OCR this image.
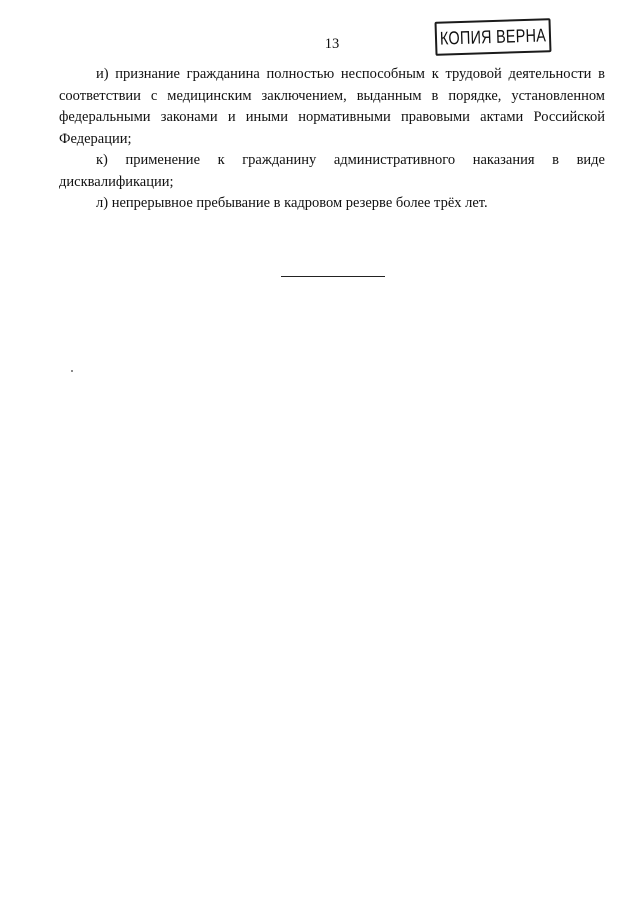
13	КОПИЯ ВЕРНА

и) признание гражданина полностью неспособным к трудовой деятельности в соответствии с медицинским заключением, выданным в порядке, установленном федеральными законами и иными нормативными правовыми актами Российской Федерации;

к) применение к гражданину административного наказания в виде дисквалификации;

л) непрерывное пребывание в кадровом резерве более трёх лет.
